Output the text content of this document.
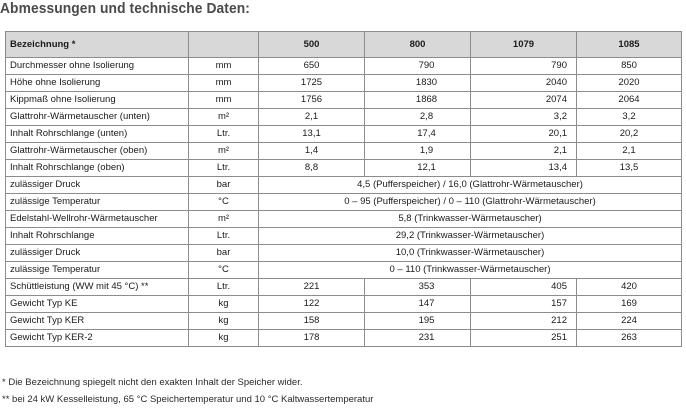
Abmessungen und technische Daten:
Bezeichnung *		500	800	1079	1085
Durchmesser ohne Isolierung	mm	650	790	790	850
Höhe ohne Isolierung	mm	1725	1830	2040	2020
Kippmaß ohne Isolierung	mm	1756	1868	2074	2064
Glattrohr-Wärmetauscher (unten)	m²	2,1	2,8	3,2	3,2
Inhalt Rohrschlange (unten)	Ltr.	13,1	17,4	20,1	20,2
Glattrohr-Wärmetauscher (oben)	m²	1,4	1,9	2,1	2,1
Inhalt Rohrschlange (oben)	Ltr.	8,8	12,1	13,4	13,5
zulässiger Druck	bar	4,5 (Pufferspeicher) / 16,0 (Glattrohr-Wärmetauscher)			
zulässige Temperatur	°C	0 – 95 (Pufferspeicher) / 0 – 110 (Glattrohr-Wärmetauscher)			
Edelstahl-Wellrohr-Wärmetauscher	m²	5,8 (Trinkwasser-Wärmetauscher)			
Inhalt Rohrschlange	Ltr.	29,2 (Trinkwasser-Wärmetauscher)			
zulässiger Druck	bar	10,0 (Trinkwasser-Wärmetauscher)			
zulässige Temperatur	°C	0 – 110 (Trinkwasser-Wärmetauscher)			
Schüttleistung (WW mit 45 °C) **	Ltr.	221	353	405	420
Gewicht Typ KE	kg	122	147	157	169
Gewicht Typ KER	kg	158	195	212	224
Gewicht Typ KER-2	kg	178	231	251	263
* Die Bezeichnung spiegelt nicht den exakten Inhalt der Speicher wider.
** bei 24 kW Kesselleistung, 65 °C Speichertemperatur und 10 °C Kaltwassertemperatur
